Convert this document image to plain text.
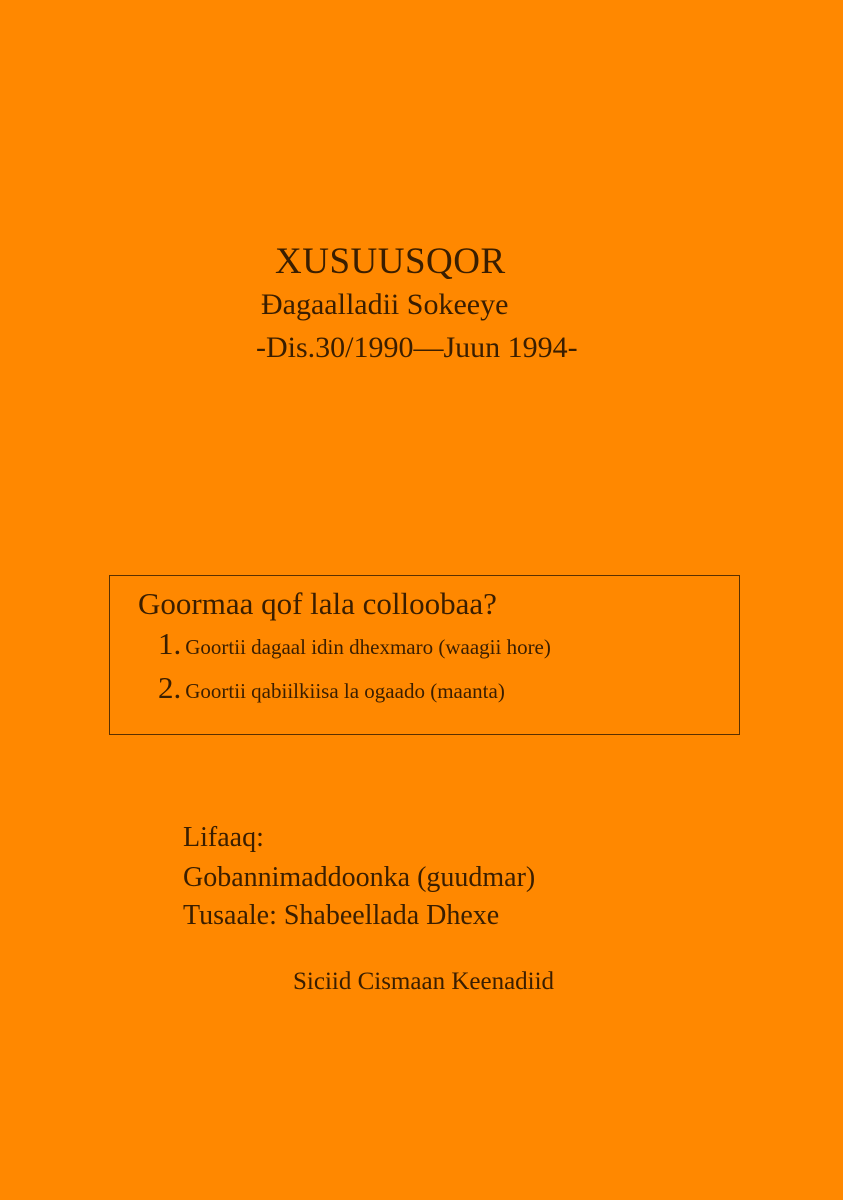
XUSUUSQOR
Ðagaalladii Sokeeye
-Dis.30/1990—Juun 1994-
Goormaa qof lala colloobaa?
1. Goortii dagaal idin dhexmaro (waagii hore)
2. Goortii qabiilkiisa la ogaado (maanta)
Lifaaq:
Gobannimaddoonka (guudmar)
Tusaale: Shabeellada Dhexe
Siciid Cismaan Keenadiid
